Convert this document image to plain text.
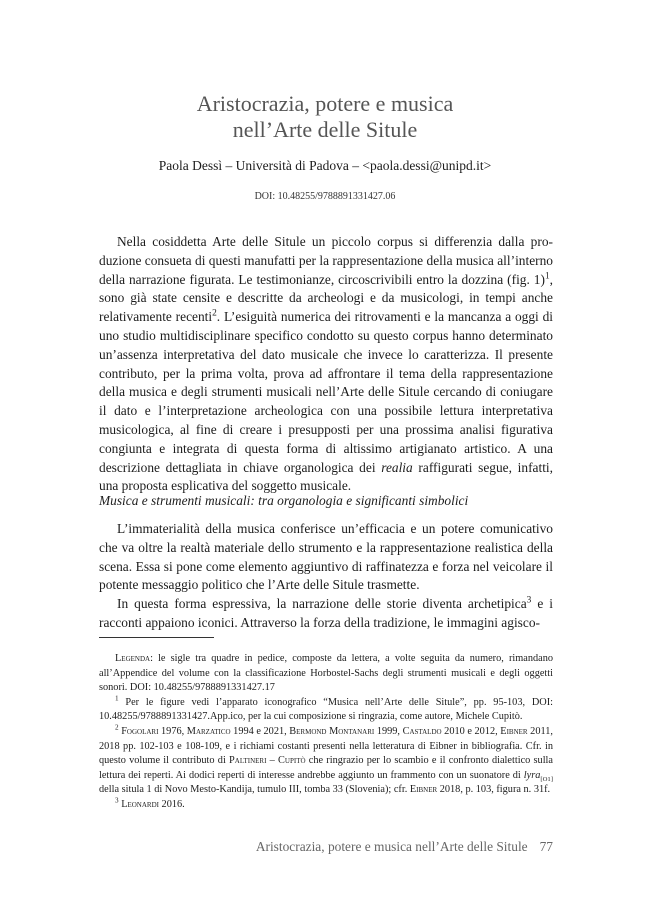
Aristocrazia, potere e musica
nell’Arte delle Situle
Paola Dessì – Università di Padova – <paola.dessi@unipd.it>
DOI: 10.48255/9788891331427.06

Nella cosiddetta Arte delle Situle un piccolo corpus si differenzia dalla produzione consueta di questi manufatti per la rappresentazione della musica all’interno della narrazione figurata. Le testimonianze, circoscrivibili entro la dozzina (fig. 1)$^1$, sono già state censite e descritte da archeologi e da musicologi, in tempi anche relativamente recenti$^2$. L’esiguità numerica dei ritrovamenti e la mancanza a oggi di uno studio multidisciplinare specifico condotto su questo corpus hanno determinato un’assenza interpretativa del dato musicale che invece lo caratterizza. Il presente contributo, per la prima volta, prova ad affrontare il tema della rappresentazione della musica e degli strumenti musicali nell’Arte delle Situle cercando di coniugare il dato e l’interpretazione archeologica con una possibile lettura interpretativa musicologica, al fine di creare i presupposti per una prossima analisi figurativa congiunta e integrata di questa forma di altissimo artigianato artistico. A una descrizione dettagliata in chiave organologica dei realia raffigurati segue, infatti, una proposta esplicativa del soggetto musicale.

Musica e strumenti musicali: tra organologia e significanti simbolici

L’immaterialità della musica conferisce un’efficacia e un potere comunicativo che va oltre la realtà materiale dello strumento e la rappresentazione realistica della scena. Essa si pone come elemento aggiuntivo di raffinatezza e forza nel veicolare il potente messaggio politico che l’Arte delle Situle trasmette.

In questa forma espressiva, la narrazione delle storie diventa archetipica$^3$ e i racconti appaiono iconici. Attraverso la forza della tradizione, le immagini agisco-

Legenda: le sigle tra quadre in pedice, composte da lettera, a volte seguita da numero, rimandano all’Appendice del volume con la classificazione Horbostel-Sachs degli strumenti musicali e degli oggetti sonori. DOI: 10.48255/9788891331427.17

$^1$ Per le figure vedi l’apparato iconografico “Musica nell’Arte delle Situle”, pp. 95-103, DOI: 10.48255/9788891331427.App.ico, per la cui composizione si ringrazia, come autore, Michele Cupitò.

$^2$ Fogolari 1976, Marzatico 1994 e 2021, Bermond Montanari 1999, Castaldo 2010 e 2012, Eibner 2011, 2018 pp. 102-103 e 108-109, e i richiami costanti presenti nella letteratura di Eibner in bibliografia. Cfr. in questo volume il contributo di Paltineri – Cupitò che ringrazio per lo scambio e il confronto dialettico sulla lettura dei reperti. Ai dodici reperti di interesse andrebbe aggiunto un frammento con un suonatore di lyra$_{[O1]}$ della situla 1 di Novo Mesto-Kandija, tumulo III, tomba 33 (Slovenia); cfr. Eibner 2018, p. 103, figura n. 31f.

$^3$ Leonardi 2016.

Aristocrazia, potere e musica nell’Arte delle Situle 77
